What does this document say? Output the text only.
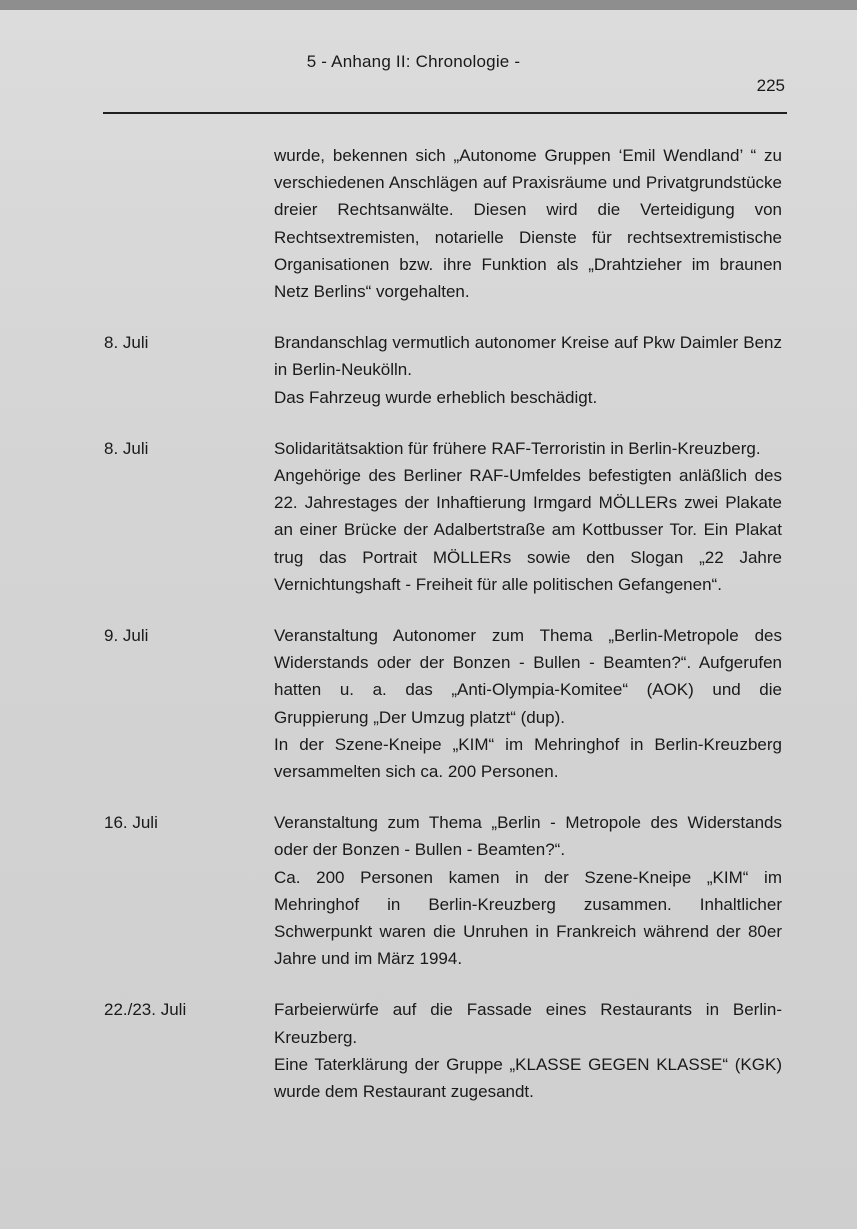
5 - Anhang II: Chronologie -
225
wurde, bekennen sich „Autonome Gruppen ‘Emil Wendland’ “ zu verschiedenen Anschlägen auf Praxisräume und Privatgrundstücke dreier Rechtsanwälte. Diesen wird die Verteidigung von Rechtsextremisten, notarielle Dienste für rechtsextremistische Organisationen bzw. ihre Funktion als „Drahtzieher im braunen Netz Berlins“ vorgehalten.
8. Juli	Brandanschlag vermutlich autonomer Kreise auf Pkw Daimler Benz in Berlin-Neukölln.

Das Fahrzeug wurde erheblich beschädigt.

8. Juli	Solidaritätsaktion für frühere RAF-Terroristin in Berlin-Kreuzberg.

Angehörige des Berliner RAF-Umfeldes befestigten anläßlich des 22. Jahrestages der Inhaftierung Irmgard MÖLLERs zwei Plakate an einer Brücke der Adalbertstraße am Kottbusser Tor. Ein Plakat trug das Portrait MÖLLERs sowie den Slogan „22 Jahre Vernichtungshaft - Freiheit für alle politischen Gefangenen“.

9. Juli	Veranstaltung Autonomer zum Thema „Berlin-Metropole des Widerstands oder der Bonzen - Bullen - Beamten?“. Aufgerufen hatten u. a. das „Anti-Olympia-Komitee“ (AOK) und die Gruppierung „Der Umzug platzt“ (dup).

In der Szene-Kneipe „KIM“ im Mehringhof in Berlin-Kreuzberg versammelten sich ca. 200 Personen.

16. Juli	Veranstaltung zum Thema „Berlin - Metropole des Widerstands oder der Bonzen - Bullen - Beamten?“.

Ca. 200 Personen kamen in der Szene-Kneipe „KIM“ im Mehringhof in Berlin-Kreuzberg zusammen. Inhaltlicher Schwerpunkt waren die Unruhen in Frankreich während der 80er Jahre und im März 1994.

22./23. Juli	Farbeierwürfe auf die Fassade eines Restaurants in Berlin-Kreuzberg.

Eine Taterklärung der Gruppe „KLASSE GEGEN KLASSE“ (KGK) wurde dem Restaurant zugesandt.
